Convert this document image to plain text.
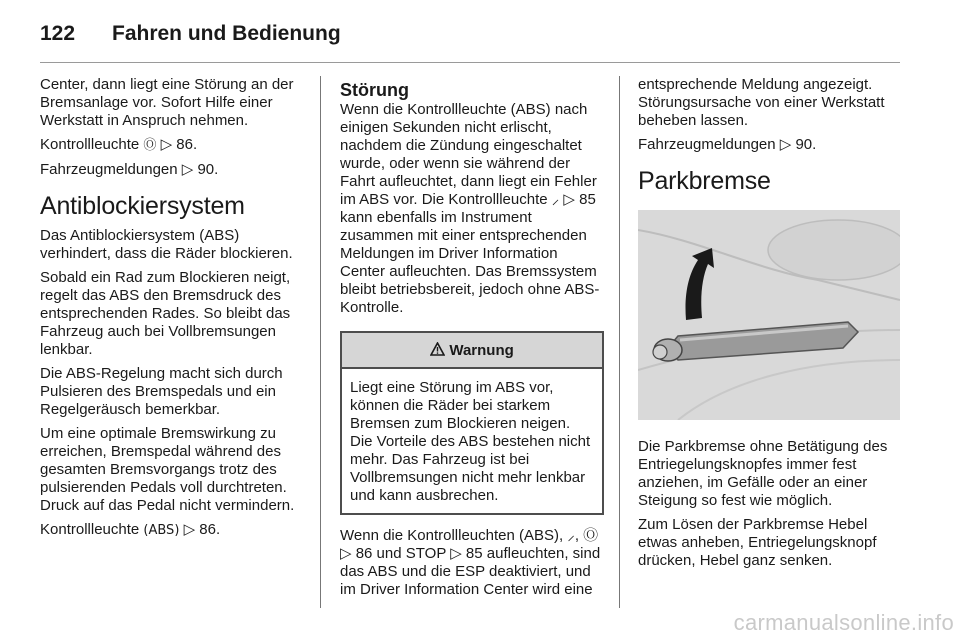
122 Fahren und Bedienung

Center, dann liegt eine Störung an der Bremsanlage vor. Sofort Hilfe einer Werkstatt in Anspruch nehmen.

Kontrollleuchte Ⓞ ▷ 86.

Fahrzeugmeldungen ▷ 90.

Antiblockiersystem

Das Antiblockiersystem (ABS) verhindert, dass die Räder blockieren.

Sobald ein Rad zum Blockieren neigt, regelt das ABS den Bremsdruck des entsprechenden Rades. So bleibt das Fahrzeug auch bei Vollbremsungen lenkbar.

Die ABS-Regelung macht sich durch Pulsieren des Bremspedals und ein Regelgeräusch bemerkbar.

Um eine optimale Bremswirkung zu erreichen, Bremspedal während des gesamten Bremsvorgangs trotz des pulsierenden Pedals voll durchtreten. Druck auf das Pedal nicht vermindern.

Kontrollleuchte (ABS) ▷ 86.

Störung

Wenn die Kontrollleuchte (ABS) nach einigen Sekunden nicht erlischt, nachdem die Zündung eingeschaltet wurde, oder wenn sie während der Fahrt aufleuchtet, dann liegt ein Fehler im ABS vor. Die Kontrollleuchte ⸝ ▷ 85 kann ebenfalls im Instrument zusammen mit einer entsprechenden Meldungen im Driver Information Center aufleuchten. Das Bremssystem bleibt betriebsbereit, jedoch ohne ABS-Kontrolle.

Warnung
Liegt eine Störung im ABS vor, können die Räder bei starkem Bremsen zum Blockieren neigen. Die Vorteile des ABS bestehen nicht mehr. Das Fahrzeug ist bei Vollbremsungen nicht mehr lenkbar und kann ausbrechen.

Wenn die Kontrollleuchten (ABS), ⸝, Ⓞ ▷ 86 und STOP ▷ 85 aufleuchten, sind das ABS und die ESP deaktiviert, und im Driver Information Center wird eine

entsprechende Meldung angezeigt. Störungsursache von einer Werkstatt beheben lassen.

Fahrzeugmeldungen ▷ 90.

Parkbremse

Die Parkbremse ohne Betätigung des Entriegelungsknopfes immer fest anziehen, im Gefälle oder an einer Steigung so fest wie möglich.

Zum Lösen der Parkbremse Hebel etwas anheben, Entriegelungsknopf drücken, Hebel ganz senken.

carmanualsonline.info
